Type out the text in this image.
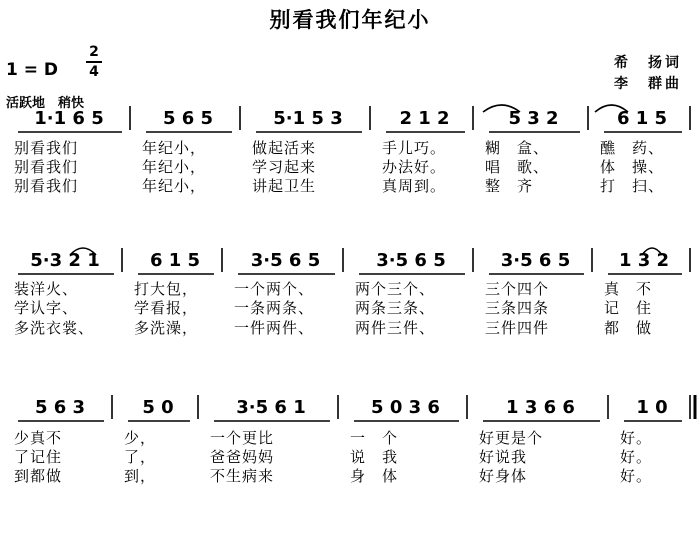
别看我们年纪小
1 = D
2
4
活跃地　稍快
希　扬词
李　群曲
1·1 6 5
别看我们
别看我们
别看我们
5 6 5
年纪小，
年纪小，
年纪小，
5·1 5 3
做起活来
学习起来
讲起卫生
2 1 2
手儿巧。
办法好。
真周到。
5 3 2
糊　盒、
唱　歌、
整　齐
6 1 5
醮　药、
体　操、
打　扫、
5·3 2 1
装洋火、
学认字、
多洗衣裳、
6 1 5
打大包，
学看报，
多洗澡，
3·5 6 5
一个两个、
一条两条、
一件两件、
3·5 6 5
两个三个、
两条三条、
两件三件、
3·5 6 5
三个四个
三条四条
三件四件
1 3 2
真　不
记　住
都　做
5 6 3
少真不
了记住
到都做
5 0
少，
了，
到，
3·5 6 1
一个更比
爸爸妈妈
不生病来
5 0 3 6
一　个
说　我
身　体
1 3 6 6
好更是个
好说我
好身体
1 0
好。
好。
好。
